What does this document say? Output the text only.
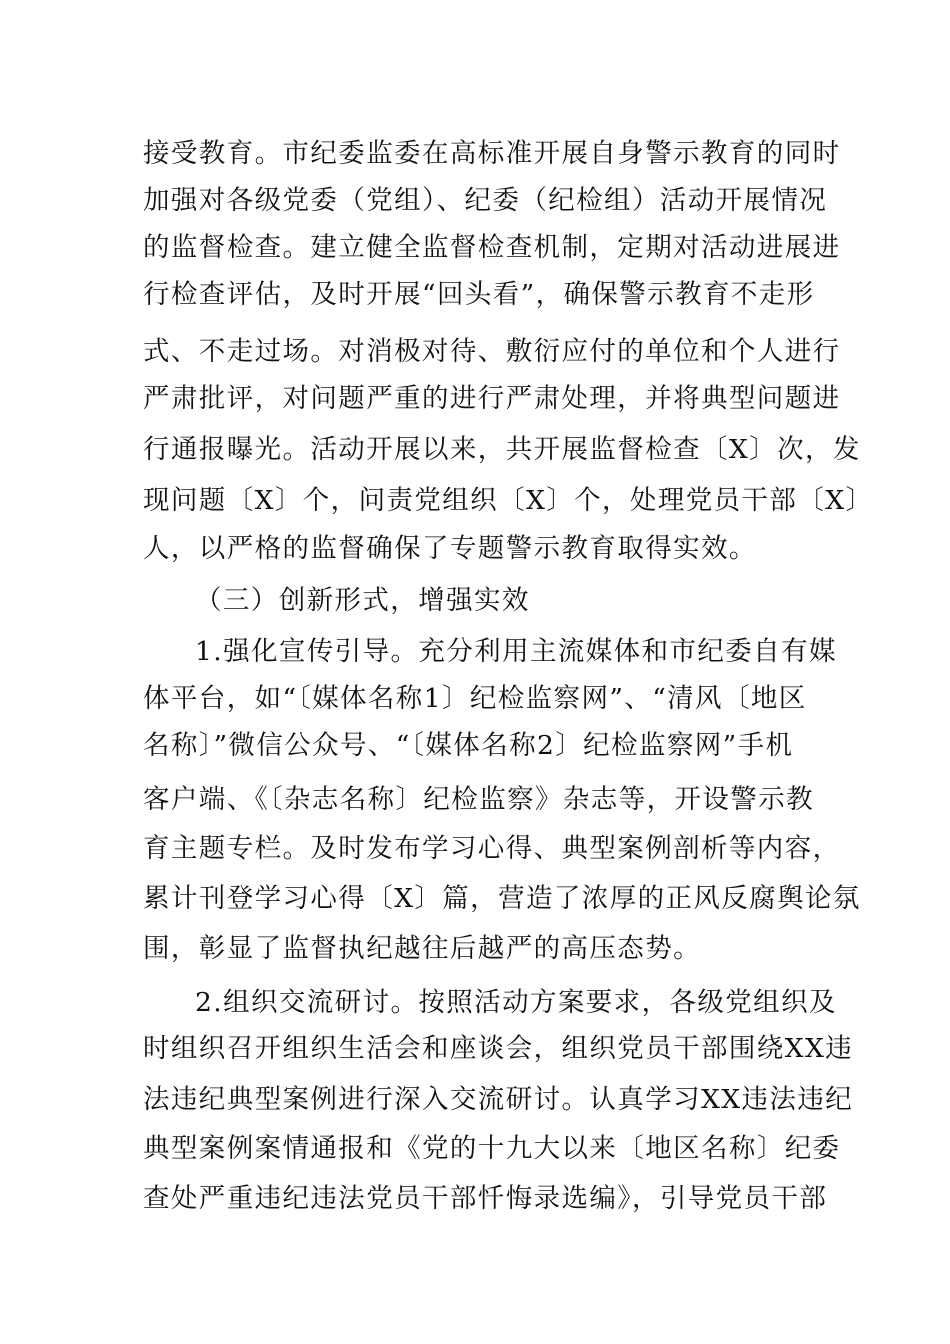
接受教育。市纪委监委在高标准开展自身警示教育的同时
加强对各级党委（党组）、纪委（纪检组）活动开展情况
的监督检查。建立健全监督检查机制，定期对活动进展进
行检查评估，及时开展“回头看”，确保警示教育不走形
式、不走过场。对消极对待、敷衍应付的单位和个人进行
严肃批评，对问题严重的进行严肃处理，并将典型问题进
行通报曝光。活动开展以来，共开展监督检查〔X〕次，发
现问题〔X〕个，问责党组织〔X〕个，处理党员干部〔X〕
人，以严格的监督确保了专题警示教育取得实效。
（三）创新形式，增强实效
1.强化宣传引导。充分利用主流媒体和市纪委自有媒
体平台，如“〔媒体名称1〕纪检监察网”、“清风〔地区
名称〕”微信公众号、“〔媒体名称2〕纪检监察网”手机
客户端、《〔杂志名称〕纪检监察》杂志等，开设警示教
育主题专栏。及时发布学习心得、典型案例剖析等内容，
累计刊登学习心得〔X〕篇，营造了浓厚的正风反腐舆论氛
围，彰显了监督执纪越往后越严的高压态势。
2.组织交流研讨。按照活动方案要求，各级党组织及
时组织召开组织生活会和座谈会，组织党员干部围绕XX违
法违纪典型案例进行深入交流研讨。认真学习XX违法违纪
典型案例案情通报和《党的十九大以来〔地区名称〕纪委
查处严重违纪违法党员干部忏悔录选编》，引导党员干部
